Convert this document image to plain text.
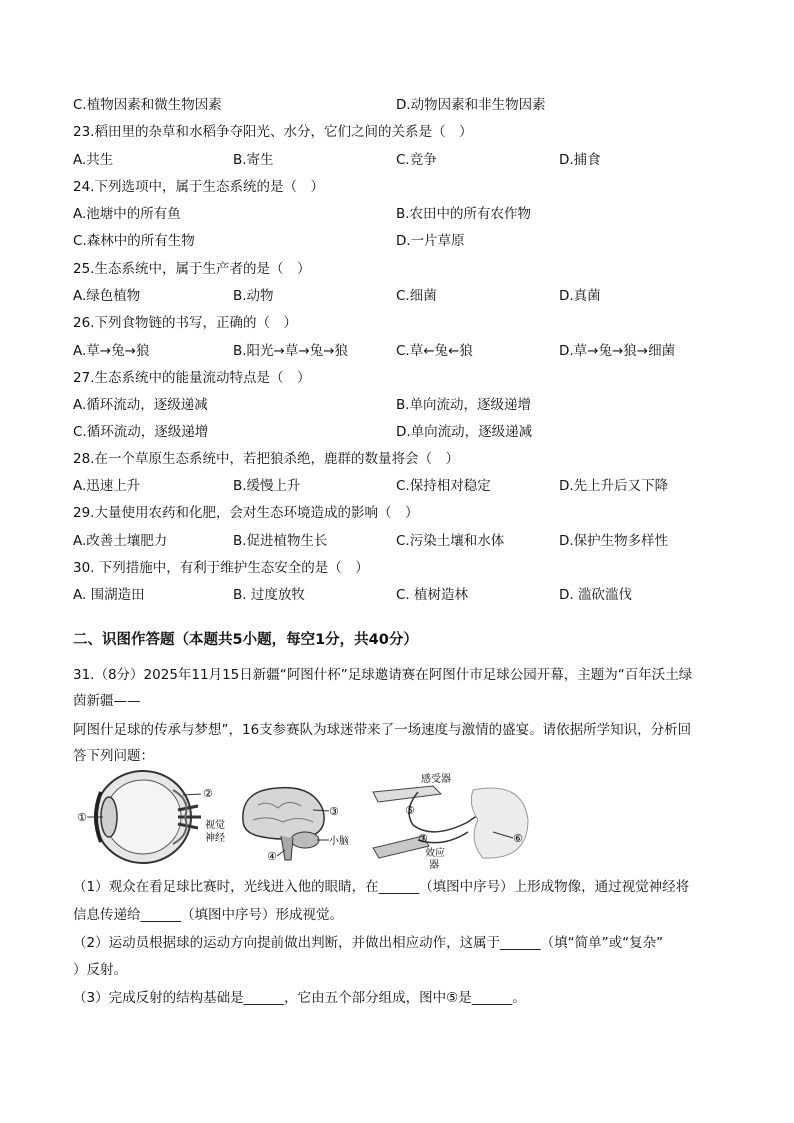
C.植物因素和微生物因素	D.动物因素和非生物因素
23.稻田里的杂草和水稻争夺阳光、水分，它们之间的关系是（　）
A.共生	B.寄生	C.竞争	D.捕食
24.下列选项中，属于生态系统的是（　）
A.池塘中的所有鱼	B.农田中的所有农作物
C.森林中的所有生物	D.一片草原
25.生态系统中，属于生产者的是（　）
A.绿色植物	B.动物	C.细菌	D.真菌
26.下列食物链的书写，正确的（　）
A.草→兔→狼	B.阳光→草→兔→狼	C.草←兔←狼	D.草→兔→狼→细菌
27.生态系统中的能量流动特点是（　）
A.循环流动，逐级递减	B.单向流动，逐级递增
C.循环流动，逐级递增	D.单向流动，逐级递减
28.在一个草原生态系统中，若把狼杀绝，鹿群的数量将会（　）
A.迅速上升	B.缓慢上升	C.保持相对稳定	D.先上升后又下降
29.大量使用农药和化肥，会对生态环境造成的影响（　）
A.改善土壤肥力	B.促进植物生长	C.污染土壤和水体	D.保护生物多样性
30. 下列措施中，有利于维护生态安全的是（　）
A. 围湖造田	B. 过度放牧	C. 植树造林	D. 滥砍滥伐
二、识图作答题（本题共5小题，每空1分，共40分）
31.（8分）2025年11月15日新疆“阿图什杯”足球邀请赛在阿图什市足球公园开幕，主题为“百年沃土绿
茵新疆——
阿图什足球的传承与梦想”，16支参赛队为球迷带来了一场速度与激情的盛宴。请依据所学知识，分析回
答下列问题：
①
②
视觉
神经
③
小脑
④
感受器
⑤
⑦
效应
器
⑥
（1）观众在看足球比赛时，光线进入他的眼睛，在______（填图中序号）上形成物像，通过视觉神经将
信息传递给______（填图中序号）形成视觉。
（2）运动员根据球的运动方向提前做出判断，并做出相应动作，这属于______（填“简单”或“复杂”
）反射。
（3）完成反射的结构基础是______，它由五个部分组成，图中⑤是______。
